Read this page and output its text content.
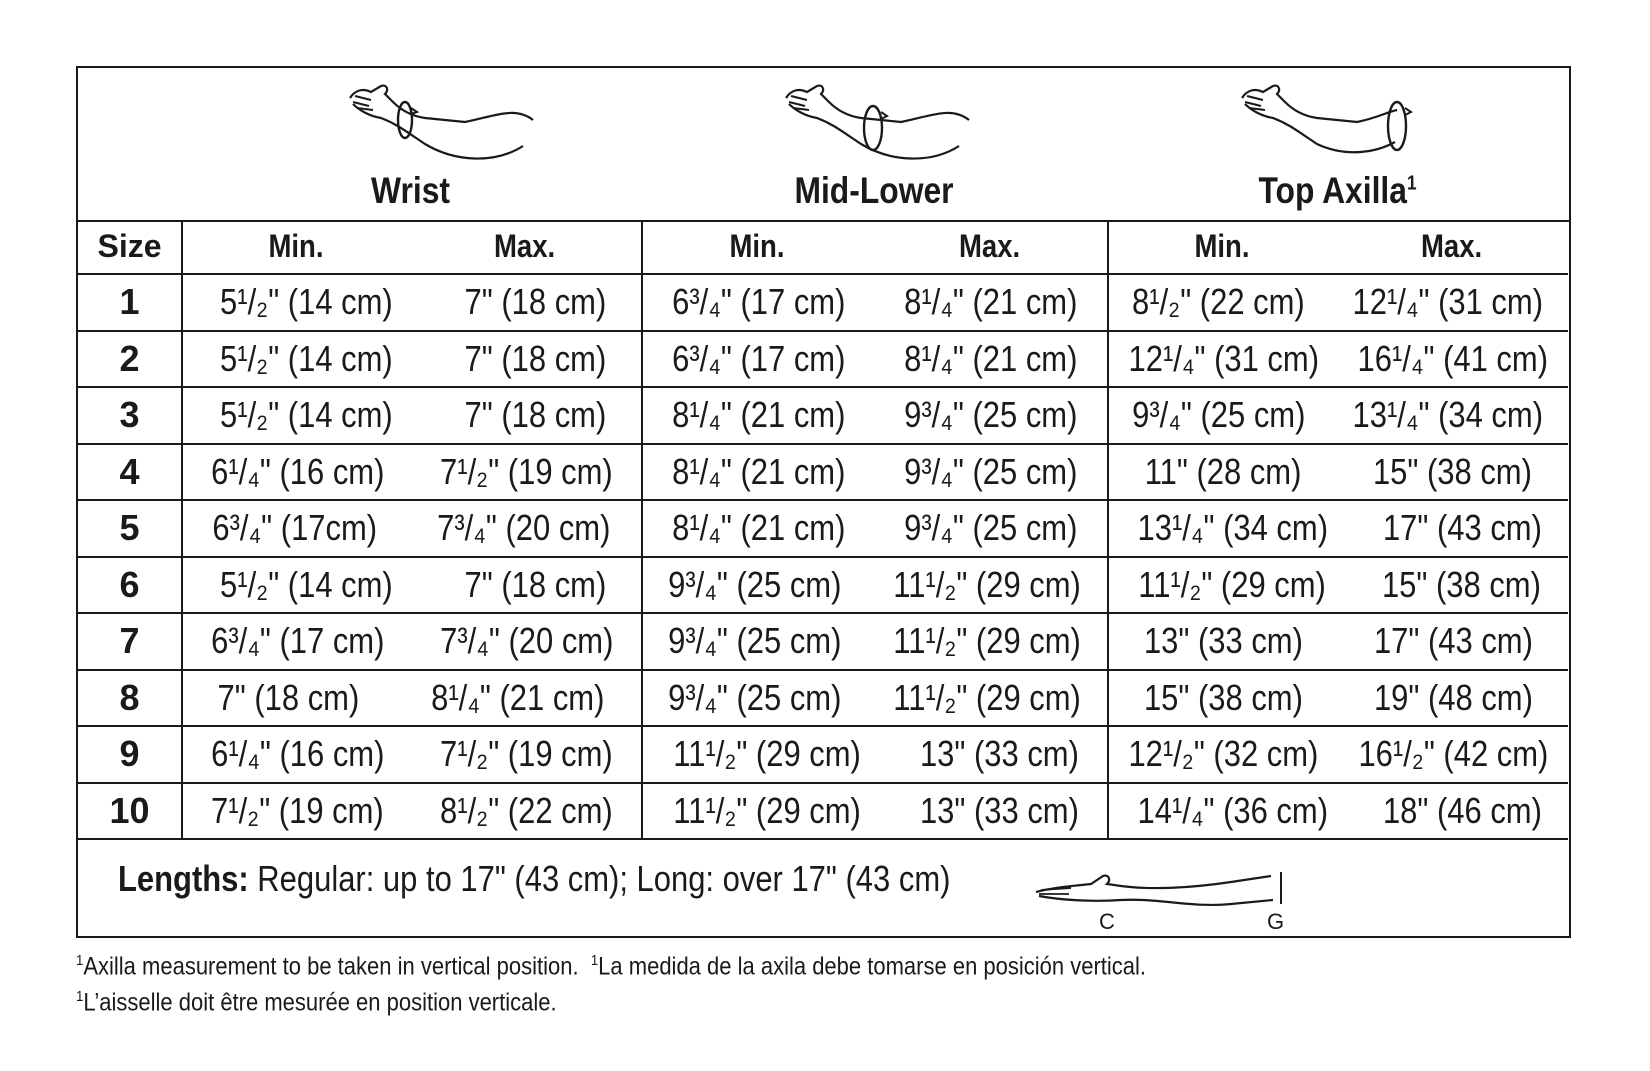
Wrist	Mid-Lower	Top Axilla$^1$
Size	Min. Max.	Min. Max.	Min. Max.

1	5¹/₂" (14 cm) 7" (18 cm)	6³/₄" (17 cm) 8¹/₄" (21 cm)	8¹/₂" (22 cm) 12¹/₄" (31 cm)

2	5¹/₂" (14 cm) 7" (18 cm)	6³/₄" (17 cm) 8¹/₄" (21 cm)	12¹/₄" (31 cm) 16¹/₄" (41 cm)

3	5¹/₂" (14 cm) 7" (18 cm)	8¹/₄" (21 cm) 9³/₄" (25 cm)	9³/₄" (25 cm) 13¹/₄" (34 cm)

4	6¹/₄" (16 cm) 7¹/₂" (19 cm)	8¹/₄" (21 cm) 9³/₄" (25 cm)	11" (28 cm) 15" (38 cm)

5	6³/₄" (17cm) 7³/₄" (20 cm)	8¹/₄" (21 cm) 9³/₄" (25 cm)	13¹/₄" (34 cm) 17" (43 cm)

6	5¹/₂" (14 cm) 7" (18 cm)	9³/₄" (25 cm) 11¹/₂" (29 cm)	11¹/₂" (29 cm) 15" (38 cm)

7	6³/₄" (17 cm) 7³/₄" (20 cm)	9³/₄" (25 cm) 11¹/₂" (29 cm)	13" (33 cm) 17" (43 cm)

8	7" (18 cm) 8¹/₄" (21 cm)	9³/₄" (25 cm) 11¹/₂" (29 cm)	15" (38 cm) 19" (48 cm)

9	6¹/₄" (16 cm) 7¹/₂" (19 cm)	11¹/₂" (29 cm) 13" (33 cm)	12¹/₂" (32 cm) 16¹/₂" (42 cm)

10	7¹/₂" (19 cm) 8¹/₂" (22 cm)	11¹/₂" (29 cm) 13" (33 cm)	14¹/₄" (36 cm) 18" (46 cm)
Lengths: Regular: up to 17" (43 cm); Long: over 17" (43 cm)
C	G
$^1$Axilla measurement to be taken in vertical position. $^1$La medida de la axila debe tomarse en posición vertical.
$^1$L’aisselle doit être mesurée en position verticale.
